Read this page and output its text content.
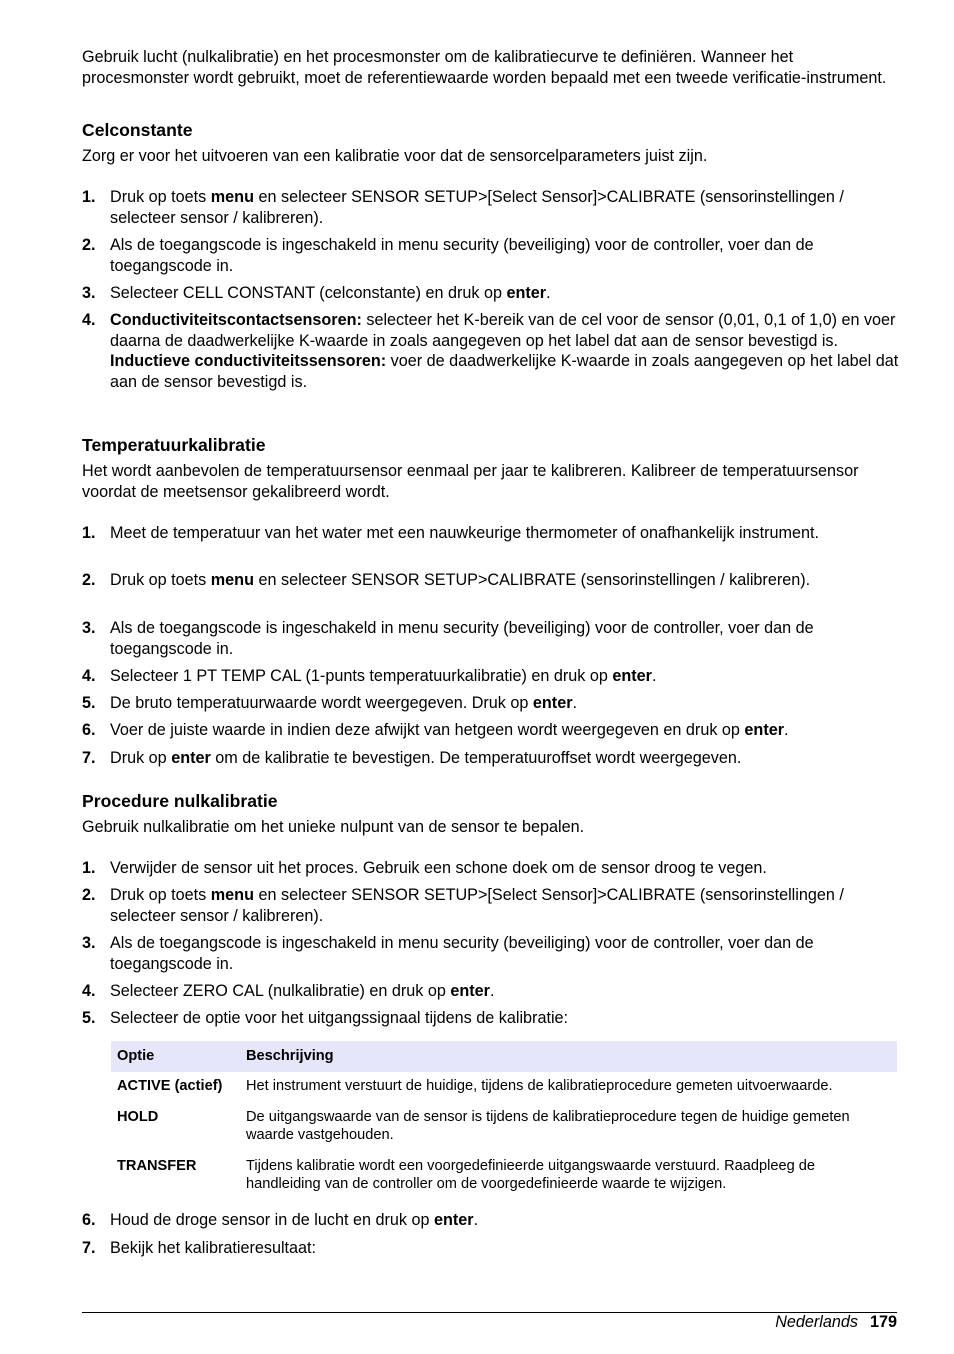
Gebruik lucht (nulkalibratie) en het procesmonster om de kalibratiecurve te definiëren. Wanneer het procesmonster wordt gebruikt, moet de referentiewaarde worden bepaald met een tweede verificatie-instrument.
Celconstante
Zorg er voor het uitvoeren van een kalibratie voor dat de sensorcelparameters juist zijn.
1. Druk op toets menu en selecteer SENSOR SETUP>[Select Sensor]>CALIBRATE (sensorinstellingen / selecteer sensor / kalibreren).
2. Als de toegangscode is ingeschakeld in menu security (beveiliging) voor de controller, voer dan de toegangscode in.
3. Selecteer CELL CONSTANT (celconstante) en druk op enter.
4. Conductiviteitscontactsensoren: selecteer het K-bereik van de cel voor de sensor (0,01, 0,1 of 1,0) en voer daarna de daadwerkelijke K-waarde in zoals aangegeven op het label dat aan de sensor bevestigd is.
Inductieve conductiviteitssensoren: voer de daadwerkelijke K-waarde in zoals aangegeven op het label dat aan de sensor bevestigd is.
Temperatuurkalibratie
Het wordt aanbevolen de temperatuursensor eenmaal per jaar te kalibreren. Kalibreer de temperatuursensor voordat de meetsensor gekalibreerd wordt.
1. Meet de temperatuur van het water met een nauwkeurige thermometer of onafhankelijk instrument.
2. Druk op toets menu en selecteer SENSOR SETUP>CALIBRATE (sensorinstellingen / kalibreren).
3. Als de toegangscode is ingeschakeld in menu security (beveiliging) voor de controller, voer dan de toegangscode in.
4. Selecteer 1 PT TEMP CAL (1-punts temperatuurkalibratie) en druk op enter.
5. De bruto temperatuurwaarde wordt weergegeven. Druk op enter.
6. Voer de juiste waarde in indien deze afwijkt van hetgeen wordt weergegeven en druk op enter.
7. Druk op enter om de kalibratie te bevestigen. De temperatuuroffset wordt weergegeven.
Procedure nulkalibratie
Gebruik nulkalibratie om het unieke nulpunt van de sensor te bepalen.
1. Verwijder de sensor uit het proces. Gebruik een schone doek om de sensor droog te vegen.
2. Druk op toets menu en selecteer SENSOR SETUP>[Select Sensor]>CALIBRATE (sensorinstellingen / selecteer sensor / kalibreren).
3. Als de toegangscode is ingeschakeld in menu security (beveiliging) voor de controller, voer dan de toegangscode in.
4. Selecteer ZERO CAL (nulkalibratie) en druk op enter.
5. Selecteer de optie voor het uitgangssignaal tijdens de kalibratie:
Optie	Beschrijving
ACTIVE (actief)	Het instrument verstuurt de huidige, tijdens de kalibratieprocedure gemeten uitvoerwaarde.
HOLD	De uitgangswaarde van de sensor is tijdens de kalibratieprocedure tegen de huidige gemeten waarde vastgehouden.
TRANSFER	Tijdens kalibratie wordt een voorgedefinieerde uitgangswaarde verstuurd. Raadpleeg de handleiding van de controller om de voorgedefinieerde waarde te wijzigen.
6. Houd de droge sensor in de lucht en druk op enter.
7. Bekijk het kalibratieresultaat:
Nederlands 179
